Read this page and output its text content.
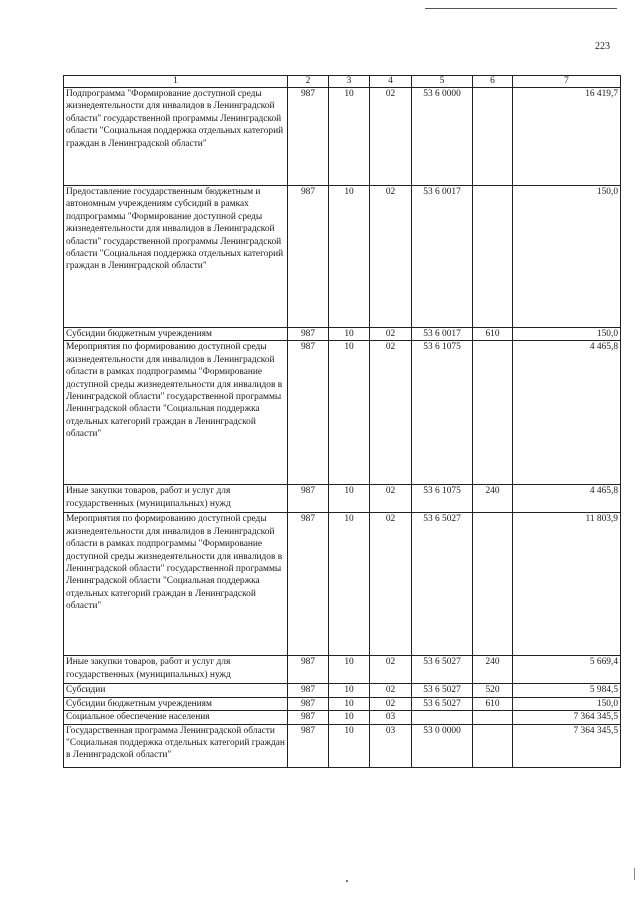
223
1	2	3	4	5	6	7
Подпрограмма "Формирование доступной среды жизнедеятельности для инвалидов в Ленинградской области" государственной программы Ленинградской области "Социальная поддержка отдельных категорий граждан в Ленинградской области"	987	10	02	53 6 0000		16 419,7
Предоставление государственным бюджетным и автономным учреждениям субсидий в рамках подпрограммы "Формирование доступной среды жизнедеятельности для инвалидов в Ленинградской области" государственной программы Ленинградской области "Социальная поддержка отдельных категорий граждан в Ленинградской области"	987	10	02	53 6 0017		150,0
Субсидии бюджетным учреждениям	987	10	02	53 6 0017	610	150,0
Мероприятия по формированию доступной среды жизнедеятельности для инвалидов в Ленинградской области в рамках подпрограммы "Формирование доступной среды жизнедеятельности для инвалидов в Ленинградской области" государственной программы Ленинградской области "Социальная поддержка отдельных категорий граждан в Ленинградской области"	987	10	02	53 6 1075		4 465,8
Иные закупки товаров, работ и услуг для государственных (муниципальных) нужд	987	10	02	53 6 1075	240	4 465,8
Мероприятия по формированию доступной среды жизнедеятельности для инвалидов в Ленинградской области в рамках подпрограммы "Формирование доступной среды жизнедеятельности для инвалидов в Ленинградской области" государственной программы Ленинградской области "Социальная поддержка отдельных категорий граждан в Ленинградской области"	987	10	02	53 6 5027		11 803,9
Иные закупки товаров, работ и услуг для государственных (муниципальных) нужд	987	10	02	53 6 5027	240	5 669,4
Субсидии	987	10	02	53 6 5027	520	5 984,5
Субсидии бюджетным учреждениям	987	10	02	53 6 5027	610	150,0
Социальное обеспечение населения	987	10	03			7 364 345,5
Государственная программа Ленинградской области "Социальная поддержка отдельных категорий граждан в Ленинградской области"	987	10	03	53 0 0000		7 364 345,5
